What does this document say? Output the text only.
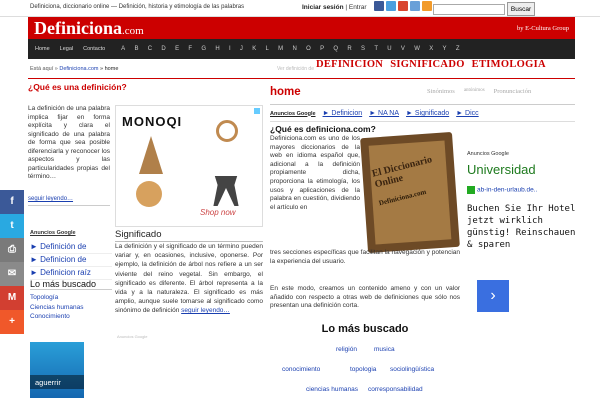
Definiciona, diccionario online — Definición, historia y etimología de las palabras	Iniciar sesión | Entrar	Buscar
Definiciona.com	by E-Cultura Group
Home Legal Contacto	A B C D E F G H I J K L M N O P Q R S T U V W X Y Z
Está aquí » Definiciona.com » home	Ver definición de DEFINICION SIGNIFICADO ETIMOLOGIA
¿Qué es una definición?
La definición de una palabra implica fijar en forma explícita y clara el significado de una palabra de forma que sea posible diferenciarla y reconocer los aspectos y las particularidades propias del término…
seguir leyendo…
MONOQI
Shop now
Anuncios Google
► Definición de
► Definicion de
► Definicion raíz
Lo más buscado
Topología
Ciencias humanas
Conocimiento
aguerrir
Significado
La definición y el significado de un término pueden variar y, en ocasiones, inclusive, oponerse. Por ejemplo, la definición de árbol nos refiere a un ser viviente del reino vegetal. Sin embargo, el significado es diferente. El árbol representa a la vida y a la naturaleza. El significado es más amplio, aunque suele tomarse al significado como sinónimo de definición seguir leyendo…
Anuncios Google
home	Sinónimos antónimos Pronunciación
Anuncios Google ► Definicion ► NA NA ► Significado ► Dicc
¿Qué es definiciona.com?
Definiciona.com es uno de los mayores diccionarios de la web en idioma español que, adicional a la definición propiamente dicha, proporciona la etimología, los usos y aplicaciones de la palabra en cuestión, dividiendo el artículo en
El Diccionario Online
Definiciona.com
tres secciones específicas que facilitan la navegación y potencian la experiencia del usuario.
En este modo, creamos un contenido ameno y con un valor añadido con respecto a otras web de definiciones que sólo nos presentan una definición corta.
Lo más buscado
religión	musica
conocimiento	topologia sociolingüística
ciencias humanas corresponsabilidad
Anuncios Google
Universidad
ab-in-den-urlaub.de..
Buchen Sie Ihr Hotel jetzt wirklich günstig! Reinschauen & sparen
›
f
t
⎙
✉
M
+
